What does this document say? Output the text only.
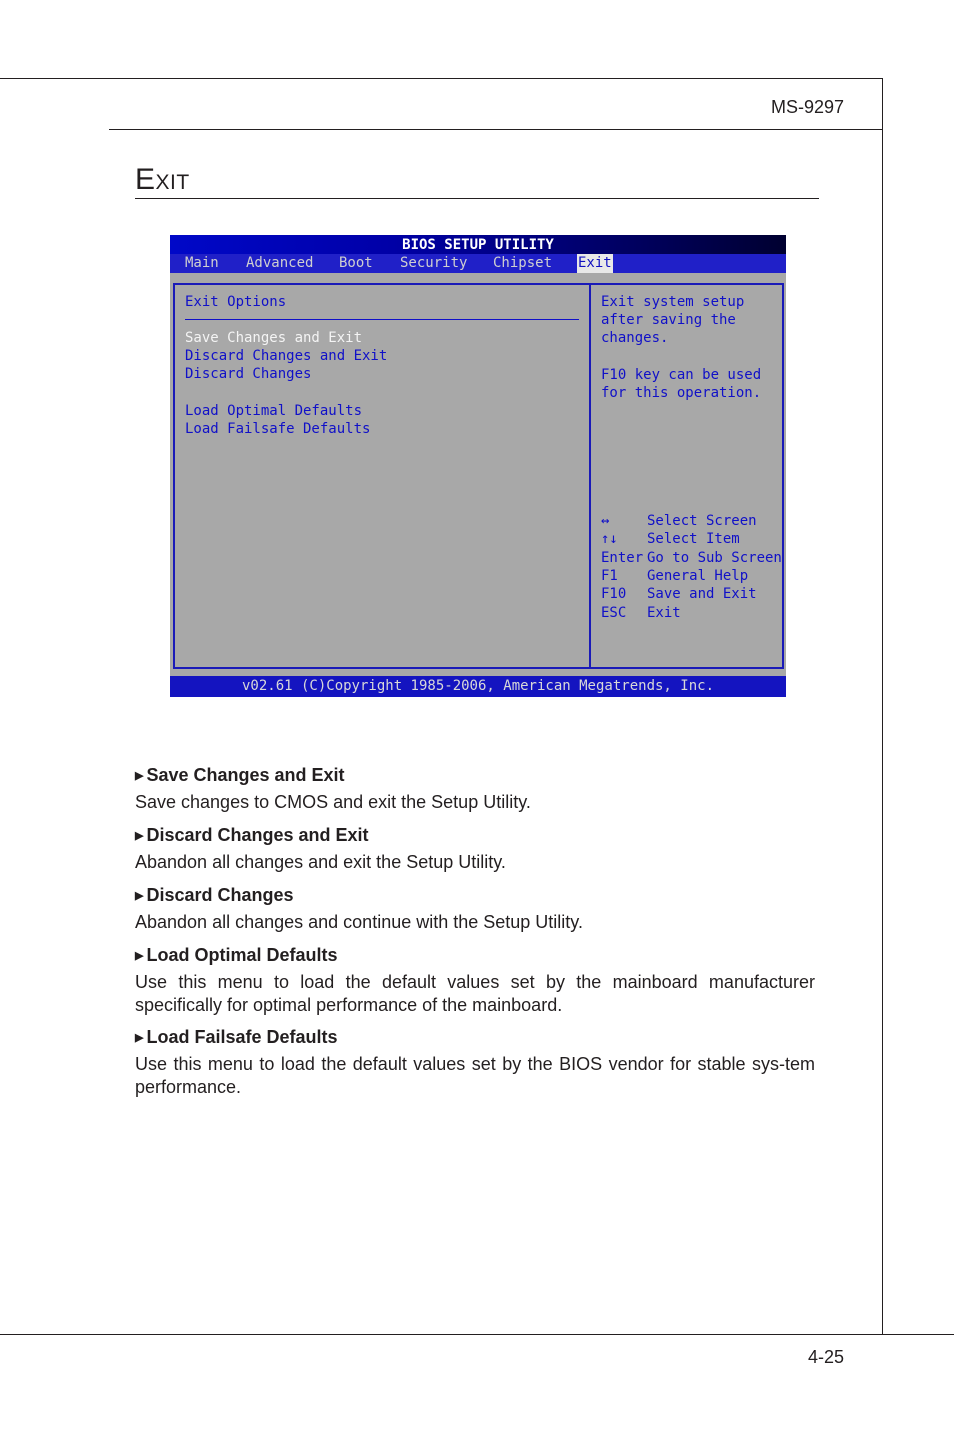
MS-9297
4-25
Exit
BIOS SETUP UTILITY
Main Advanced Boot Security Chipset Exit
Exit Options
Save Changes and Exit
Discard Changes and Exit
Discard Changes
Load Optimal Defaults
Load Failsafe Defaults
Exit system setup
after saving the
changes.
F10 key can be used
for this operation.
↔	Select Screen
↑↓ Select Item
Enter Go to Sub Screen
F1 General Help
F10 Save and Exit
ESC Exit
v02.61 (C)Copyright 1985-2006, American Megatrends, Inc.
▶ Save Changes and Exit
Save changes to CMOS and exit the Setup Utility.
▶ Discard Changes and Exit
Abandon all changes and exit the Setup Utility.
▶ Discard Changes
Abandon all changes and continue with the Setup Utility.
▶ Load Optimal Defaults
Use this menu to load the default values set by the mainboard manufacturer specifically for optimal performance of the mainboard.
▶ Load Failsafe Defaults
Use this menu to load the default values set by the BIOS vendor for stable sys-tem performance.
